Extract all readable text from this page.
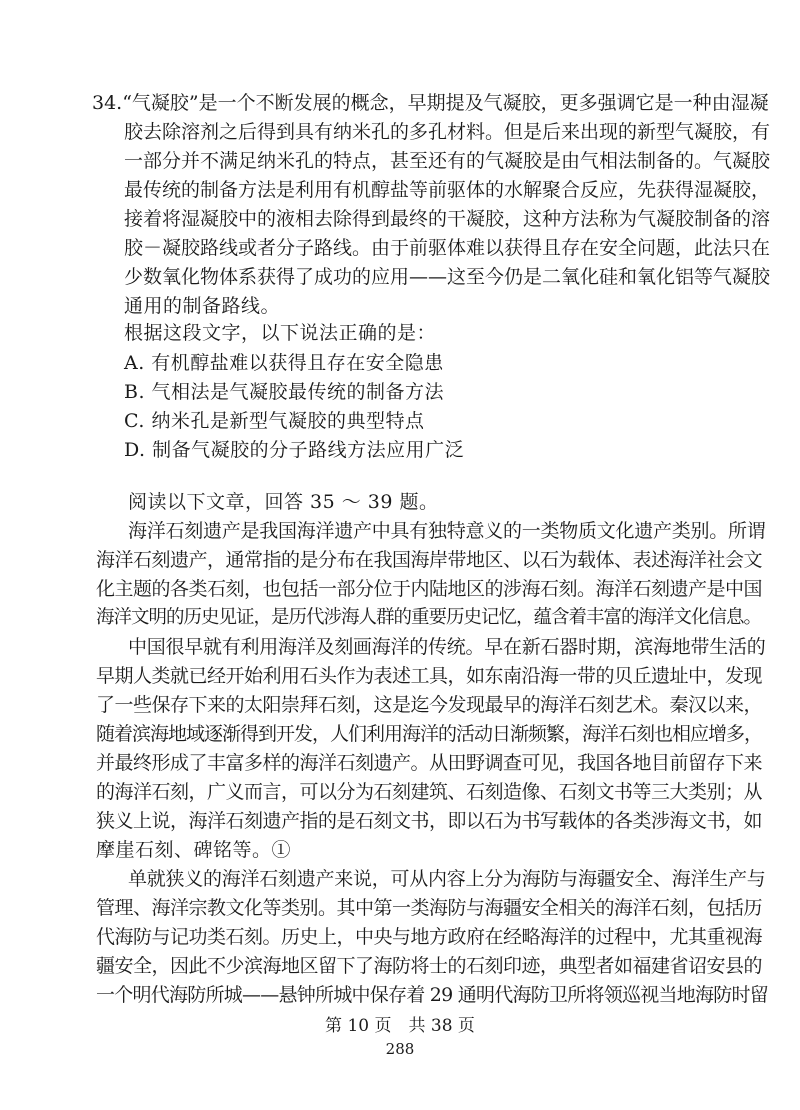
34.“气凝胶”是一个不断发展的概念，早期提及气凝胶，更多强调它是一种由湿凝
胶去除溶剂之后得到具有纳米孔的多孔材料。但是后来出现的新型气凝胶，有
一部分并不满足纳米孔的特点，甚至还有的气凝胶是由气相法制备的。气凝胶
最传统的制备方法是利用有机醇盐等前驱体的水解聚合反应，先获得湿凝胶，
接着将湿凝胶中的液相去除得到最终的干凝胶，这种方法称为气凝胶制备的溶
胶－凝胶路线或者分子路线。由于前驱体难以获得且存在安全问题，此法只在
少数氧化物体系获得了成功的应用——这至今仍是二氧化硅和氧化铝等气凝胶
通用的制备路线。
根据这段文字，以下说法正确的是：
A. 有机醇盐难以获得且存在安全隐患
B. 气相法是气凝胶最传统的制备方法
C. 纳米孔是新型气凝胶的典型特点
D. 制备气凝胶的分子路线方法应用广泛
阅读以下文章，回答 35 ～ 39 题。
海洋石刻遗产是我国海洋遗产中具有独特意义的一类物质文化遗产类别。所谓
海洋石刻遗产，通常指的是分布在我国海岸带地区、以石为载体、表述海洋社会文
化主题的各类石刻，也包括一部分位于内陆地区的涉海石刻。海洋石刻遗产是中国
海洋文明的历史见证，是历代涉海人群的重要历史记忆，蕴含着丰富的海洋文化信息。
中国很早就有利用海洋及刻画海洋的传统。早在新石器时期，滨海地带生活的
早期人类就已经开始利用石头作为表述工具，如东南沿海一带的贝丘遗址中，发现
了一些保存下来的太阳崇拜石刻，这是迄今发现最早的海洋石刻艺术。秦汉以来，
随着滨海地域逐渐得到开发，人们利用海洋的活动日渐频繁，海洋石刻也相应增多，
并最终形成了丰富多样的海洋石刻遗产。从田野调查可见，我国各地目前留存下来
的海洋石刻，广义而言，可以分为石刻建筑、石刻造像、石刻文书等三大类别；从
狭义上说，海洋石刻遗产指的是石刻文书，即以石为书写载体的各类涉海文书，如
摩崖石刻、碑铭等。①
单就狭义的海洋石刻遗产来说，可从内容上分为海防与海疆安全、海洋生产与
管理、海洋宗教文化等类别。其中第一类海防与海疆安全相关的海洋石刻，包括历
代海防与记功类石刻。历史上，中央与地方政府在经略海洋的过程中，尤其重视海
疆安全，因此不少滨海地区留下了海防将士的石刻印迹，典型者如福建省诏安县的
一个明代海防所城——悬钟所城中保存着 29 通明代海防卫所将领巡视当地海防时留
第 10 页　共 38 页
288
